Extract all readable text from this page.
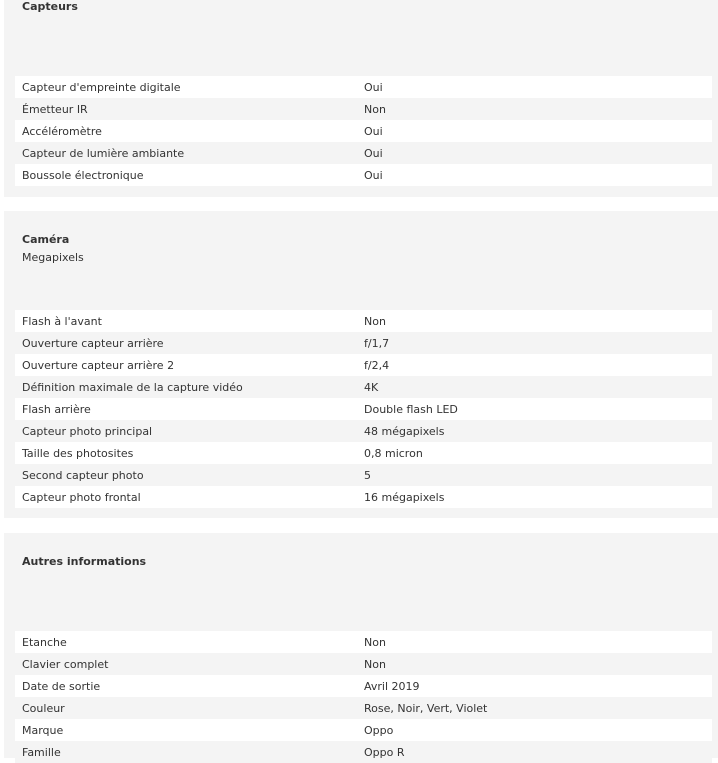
Capteurs
Capteur d'empreinte digitale	Oui
Émetteur IR	Non
Accéléromètre	Oui
Capteur de lumière ambiante	Oui
Boussole électronique	Oui
Caméra
Megapixels
Flash à l'avant	Non
Ouverture capteur arrière	f/1,7
Ouverture capteur arrière 2	f/2,4
Définition maximale de la capture vidéo	4K
Flash arrière	Double flash LED
Capteur photo principal	48 mégapixels
Taille des photosites	0,8 micron
Second capteur photo	5
Capteur photo frontal	16 mégapixels
Autres informations
Etanche	Non
Clavier complet	Non
Date de sortie	Avril 2019
Couleur	Rose, Noir, Vert, Violet
Marque	Oppo
Famille	Oppo R
